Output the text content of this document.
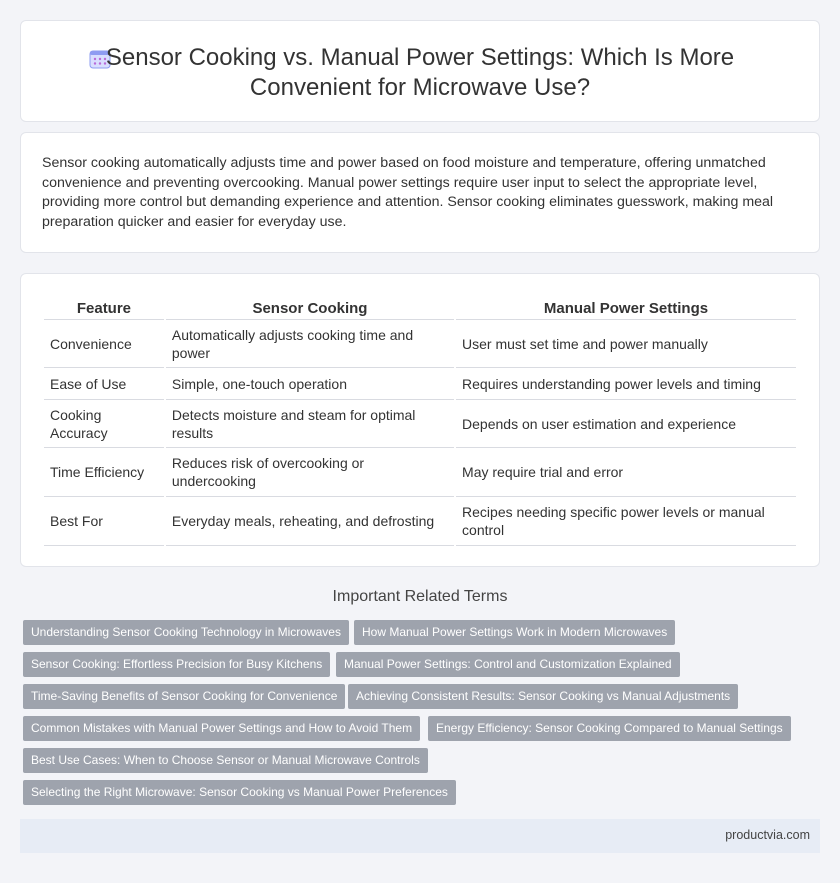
Sensor Cooking vs. Manual Power Settings: Which Is More
Convenient for Microwave Use?

Sensor cooking automatically adjusts time and power based on food moisture and temperature, offering unmatched convenience and preventing overcooking. Manual power settings require user input to select the appropriate level, providing more control but demanding experience and attention. Sensor cooking eliminates guesswork, making meal preparation quicker and easier for everyday use.

Feature	Sensor Cooking	Manual Power Settings
Convenience	Automatically adjusts cooking time and power	User must set time and power manually
Ease of Use	Simple, one-touch operation	Requires understanding power levels and timing
Cooking Accuracy	Detects moisture and steam for optimal results	Depends on user estimation and experience
Time Efficiency	Reduces risk of overcooking or undercooking	May require trial and error
Best For	Everyday meals, reheating, and defrosting	Recipes needing specific power levels or manual control
Important Related Terms
Understanding Sensor Cooking Technology in Microwaves	How Manual Power Settings Work in Modern Microwaves
Sensor Cooking: Effortless Precision for Busy Kitchens	Manual Power Settings: Control and Customization Explained
Time-Saving Benefits of Sensor Cooking for Convenience	Achieving Consistent Results: Sensor Cooking vs Manual Adjustments
Common Mistakes with Manual Power Settings and How to Avoid Them	Energy Efficiency: Sensor Cooking Compared to Manual Settings
Best Use Cases: When to Choose Sensor or Manual Microwave Controls
Selecting the Right Microwave: Sensor Cooking vs Manual Power Preferences
productvia.com
